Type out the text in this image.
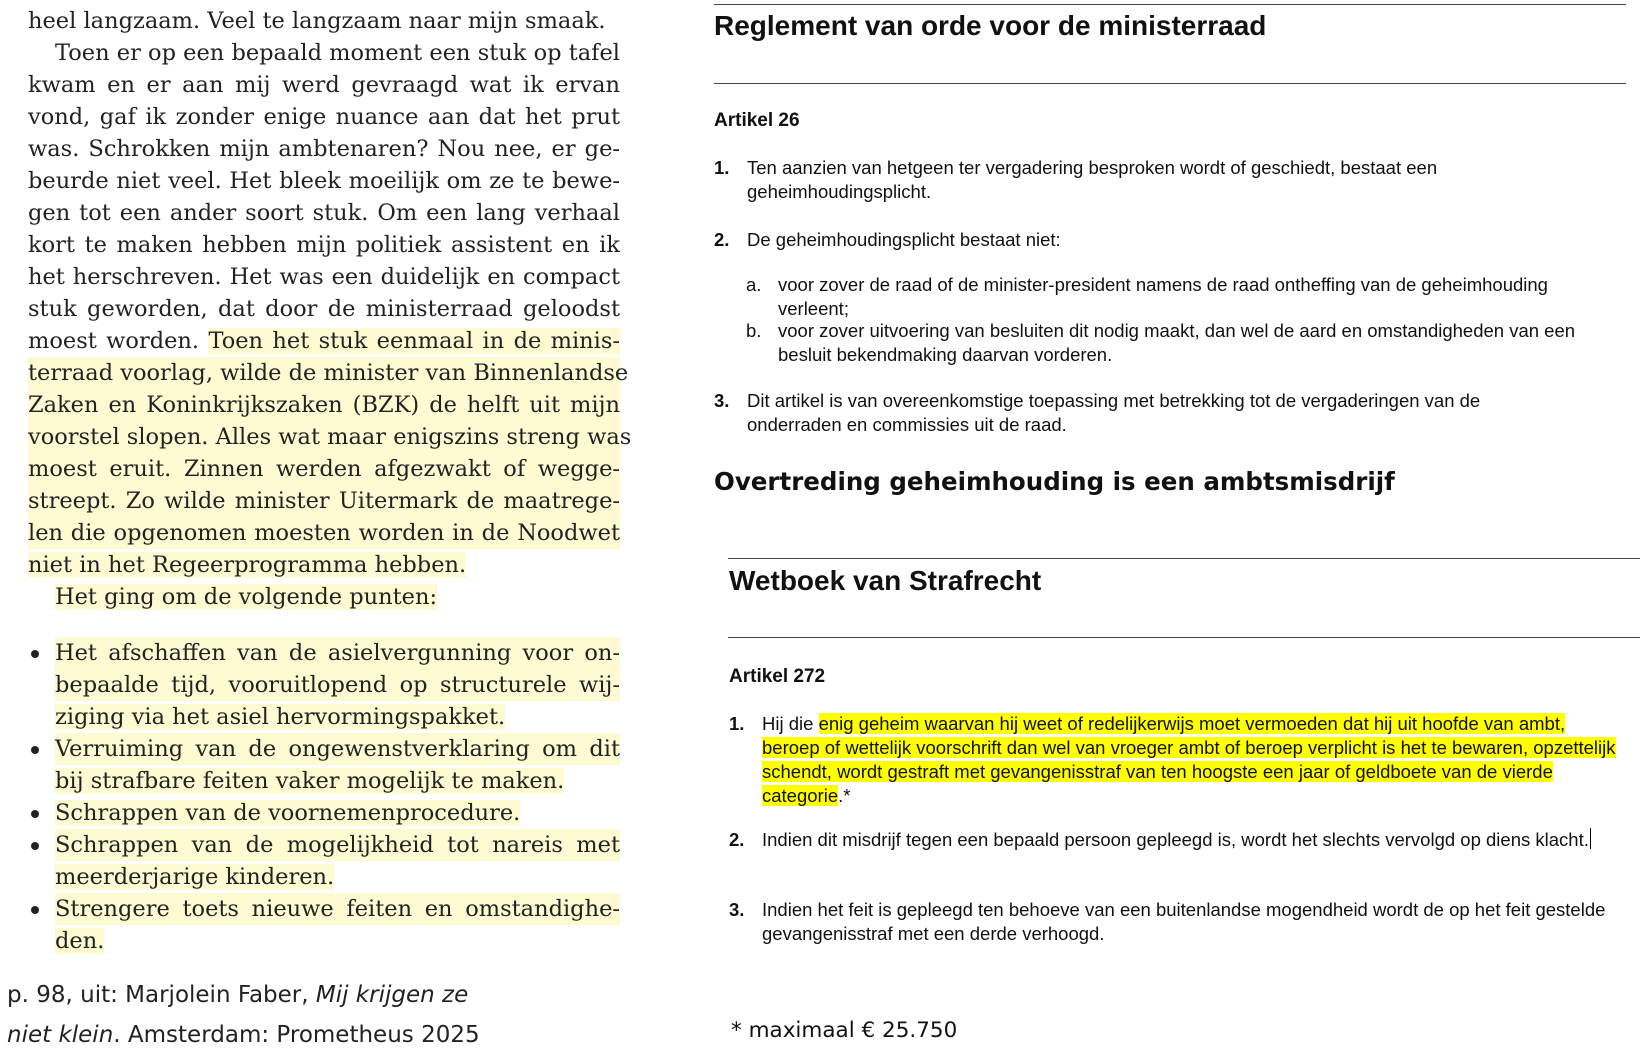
heel langzaam. Veel te langzaam naar mijn smaak.
Toen er op een bepaald moment een stuk op tafel
kwam en er aan mij werd gevraagd wat ik ervan
vond, gaf ik zonder enige nuance aan dat het prut
was. Schrokken mijn ambtenaren? Nou nee, er ge-
beurde niet veel. Het bleek moeilijk om ze te bewe-
gen tot een ander soort stuk. Om een lang verhaal
kort te maken hebben mijn politiek assistent en ik
het herschreven. Het was een duidelijk en compact
stuk geworden, dat door de ministerraad geloodst
moest worden. Toen het stuk eenmaal in de minis-
terraad voorlag, wilde de minister van Binnenlandse
Zaken en Koninkrijkszaken (BZK) de helft uit mijn
voorstel slopen. Alles wat maar enigszins streng was
moest eruit. Zinnen werden afgezwakt of wegge-
streept. Zo wilde minister Uitermark de maatrege-
len die opgenomen moesten worden in de Noodwet
niet in het Regeerprogramma hebben.
Het ging om de volgende punten:
Het afschaffen van de asielvergunning voor on-
bepaalde tijd, vooruitlopend op structurele wij-
ziging via het asiel hervormingspakket.
Verruiming van de ongewenstverklaring om dit
bij strafbare feiten vaker mogelijk te maken.
Schrappen van de voornemenprocedure.
Schrappen van de mogelijkheid tot nareis met
meerderjarige kinderen.
Strengere toets nieuwe feiten en omstandighe-
den.
p. 98, uit: Marjolein Faber, Mij krijgen ze
niet klein. Amsterdam: Prometheus 2025
Reglement van orde voor de ministerraad
Artikel 26
1. Ten aanzien van hetgeen ter vergadering besproken wordt of geschiedt, bestaat een geheimhoudingsplicht.
2. De geheimhoudingsplicht bestaat niet:
a. voor zover de raad of de minister-president namens de raad ontheffing van de geheimhouding verleent;
b. voor zover uitvoering van besluiten dit nodig maakt, dan wel de aard en omstandigheden van een besluit bekendmaking daarvan vorderen.
3. Dit artikel is van overeenkomstige toepassing met betrekking tot de vergaderingen van de onderraden en commissies uit de raad.
Overtreding geheimhouding is een ambtsmisdrijf
Wetboek van Strafrecht
Artikel 272
1. Hij die enig geheim waarvan hij weet of redelijkerwijs moet vermoeden dat hij uit hoofde van ambt, beroep of wettelijk voorschrift dan wel van vroeger ambt of beroep verplicht is het te bewaren, opzettelijk schendt, wordt gestraft met gevangenisstraf van ten hoogste een jaar of geldboete van de vierde categorie.*
2. Indien dit misdrijf tegen een bepaald persoon gepleegd is, wordt het slechts vervolgd op diens klacht.
3. Indien het feit is gepleegd ten behoeve van een buitenlandse mogendheid wordt de op het feit gestelde gevangenisstraf met een derde verhoogd.
* maximaal € 25.750
